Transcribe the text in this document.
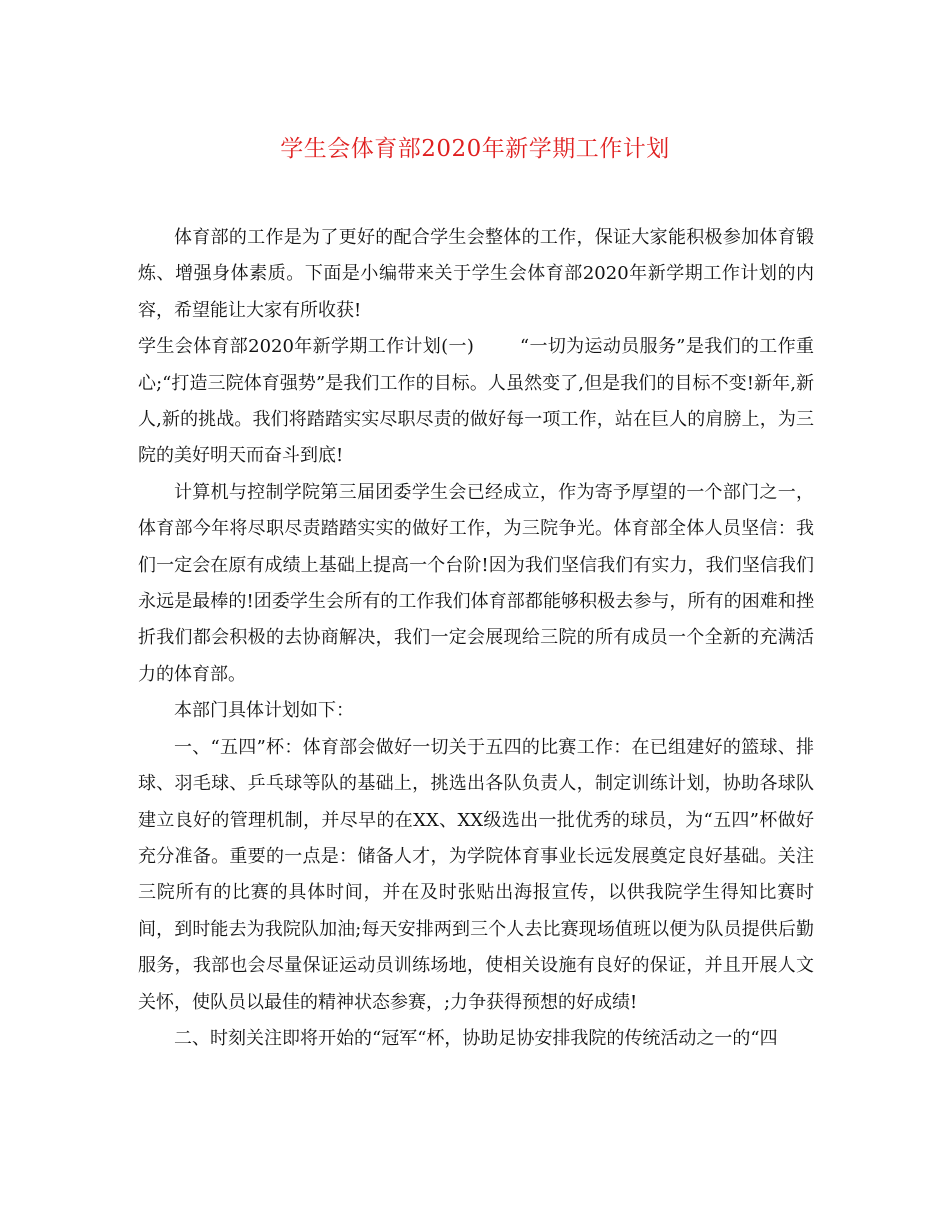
学生会体育部2020年新学期工作计划

体育部的工作是为了更好的配合学生会整体的工作，保证大家能积极参加体育锻炼、增强身体素质。下面是小编带来关于学生会体育部2020年新学期工作计划的内容，希望能让大家有所收获!

学生会体育部2020年新学期工作计划(一)	“一切为运动员服务”是我们的工作重心;“打造三院体育强势”是我们工作的目标。人虽然变了,但是我们的目标不变!新年,新人,新的挑战。我们将踏踏实实尽职尽责的做好每一项工作，站在巨人的肩膀上，为三院的美好明天而奋斗到底!

计算机与控制学院第三届团委学生会已经成立，作为寄予厚望的一个部门之一，体育部今年将尽职尽责踏踏实实的做好工作，为三院争光。体育部全体人员坚信：我们一定会在原有成绩上基础上提高一个台阶!因为我们坚信我们有实力，我们坚信我们永远是最棒的!团委学生会所有的工作我们体育部都能够积极去参与，所有的困难和挫折我们都会积极的去协商解决，我们一定会展现给三院的所有成员一个全新的充满活力的体育部。

本部门具体计划如下：

一、“五四”杯：体育部会做好一切关于五四的比赛工作：在已组建好的篮球、排球、羽毛球、乒乓球等队的基础上，挑选出各队负责人，制定训练计划，协助各球队建立良好的管理机制，并尽早的在XX、XX级选出一批优秀的球员，为“五四”杯做好充分准备。重要的一点是：储备人才，为学院体育事业长远发展奠定良好基础。关注三院所有的比赛的具体时间，并在及时张贴出海报宣传，以供我院学生得知比赛时间，到时能去为我院队加油;每天安排两到三个人去比赛现场值班以便为队员提供后勤服务，我部也会尽量保证运动员训练场地，使相关设施有良好的保证，并且开展人文关怀，使队员以最佳的精神状态参赛，;力争获得预想的好成绩!

二、时刻关注即将开始的“冠军“杯，协助足协安排我院的传统活动之一的“四
